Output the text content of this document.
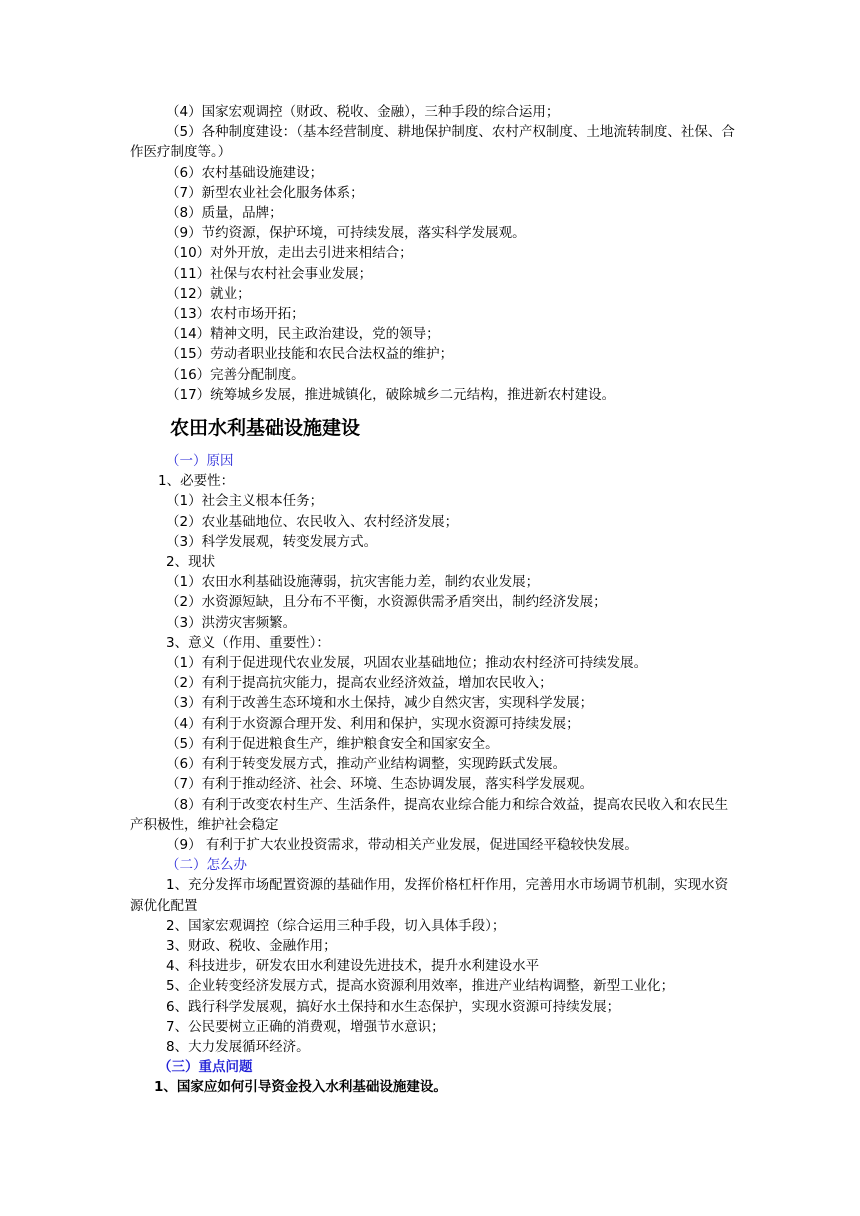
（4）国家宏观调控（财政、税收、金融），三种手段的综合运用；
（5）各种制度建设：（基本经营制度、耕地保护制度、农村产权制度、土地流转制度、社保、合作医疗制度等。）
（6）农村基础设施建设；
（7）新型农业社会化服务体系；
（8）质量，品牌；
（9）节约资源，保护环境，可持续发展，落实科学发展观。
（10）对外开放，走出去引进来相结合；
（11）社保与农村社会事业发展；
（12）就业；
（13）农村市场开拓；
（14）精神文明，民主政治建设，党的领导；
（15）劳动者职业技能和农民合法权益的维护；
（16）完善分配制度。
（17）统筹城乡发展，推进城镇化，破除城乡二元结构，推进新农村建设。
农田水利基础设施建设
（一）原因
1、必要性：
（1）社会主义根本任务；
（2）农业基础地位、农民收入、农村经济发展；
（3）科学发展观，转变发展方式。
2、现状
（1）农田水利基础设施薄弱，抗灾害能力差，制约农业发展；
（2）水资源短缺，且分布不平衡，水资源供需矛盾突出，制约经济发展；
（3）洪涝灾害频繁。
3、意义（作用、重要性）：
（1）有利于促进现代农业发展，巩固农业基础地位；推动农村经济可持续发展。
（2）有利于提高抗灾能力，提高农业经济效益，增加农民收入；
（3）有利于改善生态环境和水土保持，减少自然灾害，实现科学发展；
（4）有利于水资源合理开发、利用和保护，实现水资源可持续发展；
（5）有利于促进粮食生产，维护粮食安全和国家安全。
（6）有利于转变发展方式，推动产业结构调整，实现跨跃式发展。
（7）有利于推动经济、社会、环境、生态协调发展，落实科学发展观。
（8）有利于改变农村生产、生活条件，提高农业综合能力和综合效益，提高农民收入和农民生产积极性，维护社会稳定
（9） 有利于扩大农业投资需求，带动相关产业发展，促进国经平稳较快发展。
（二）怎么办
1、充分发挥市场配置资源的基础作用，发挥价格杠杆作用，完善用水市场调节机制，实现水资源优化配置
2、国家宏观调控（综合运用三种手段，切入具体手段）；
3、财政、税收、金融作用；
4、科技进步，研发农田水利建设先进技术，提升水利建设水平
5、企业转变经济发展方式，提高水资源利用效率，推进产业结构调整，新型工业化；
6、践行科学发展观，搞好水土保持和水生态保护，实现水资源可持续发展；
7、公民要树立正确的消费观，增强节水意识；
8、大力发展循环经济。
（三）重点问题
1、国家应如何引导资金投入水利基础设施建设。
